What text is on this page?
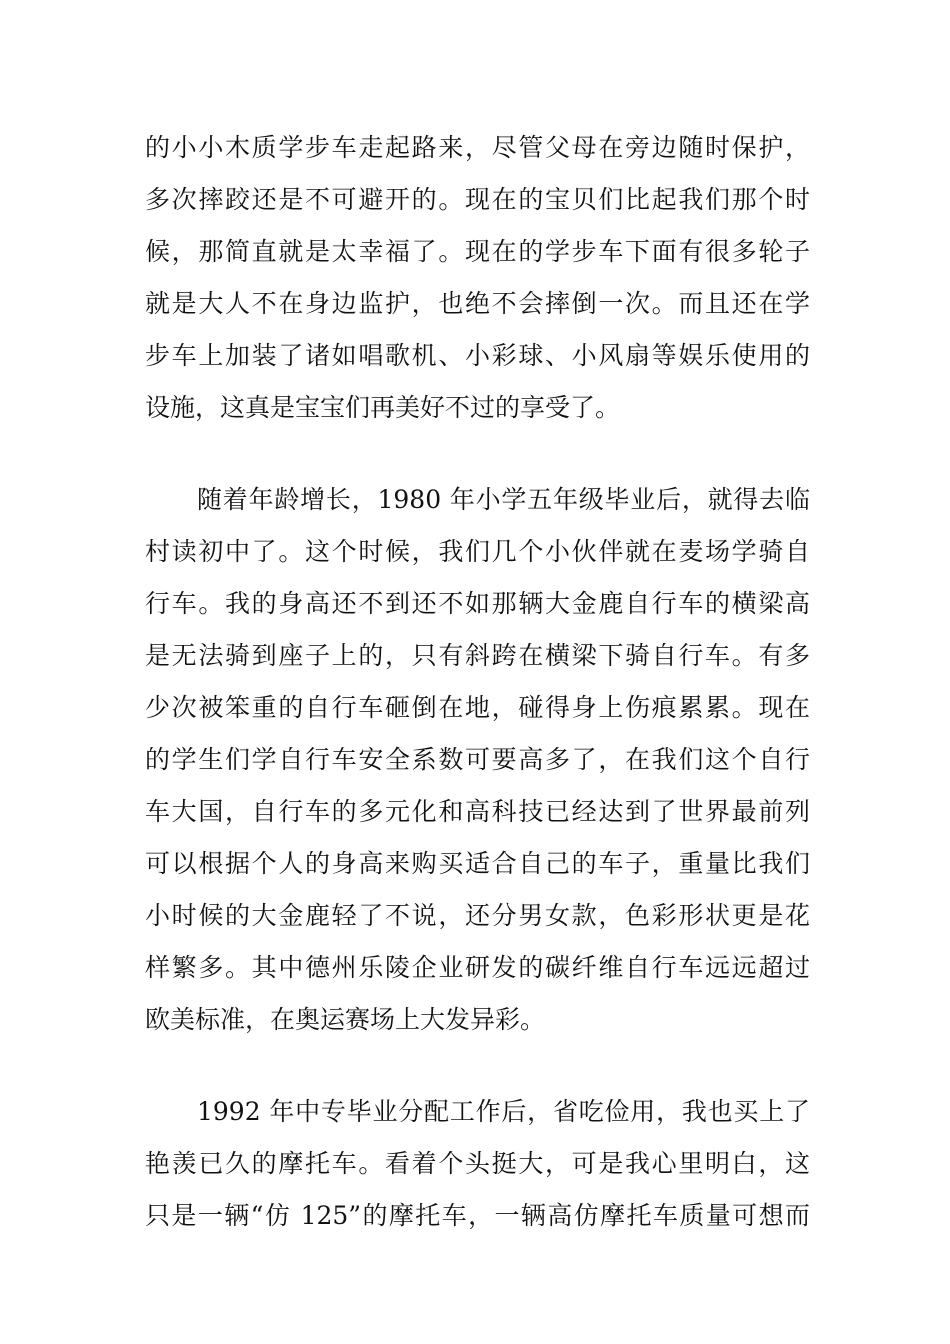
的小小木质学步车走起路来，尽管父母在旁边随时保护，
多次摔跤还是不可避开的。现在的宝贝们比起我们那个时
候，那简直就是太幸福了。现在的学步车下面有很多轮子
就是大人不在身边监护，也绝不会摔倒一次。而且还在学
步车上加装了诸如唱歌机、小彩球、小风扇等娱乐使用的
设施，这真是宝宝们再美好不过的享受了。
随着年龄增长，1980 年小学五年级毕业后，就得去临
村读初中了。这个时候，我们几个小伙伴就在麦场学骑自
行车。我的身高还不到还不如那辆大金鹿自行车的横梁高
是无法骑到座子上的，只有斜跨在横梁下骑自行车。有多
少次被笨重的自行车砸倒在地，碰得身上伤痕累累。现在
的学生们学自行车安全系数可要高多了，在我们这个自行
车大国，自行车的多元化和高科技已经达到了世界最前列
可以根据个人的身高来购买适合自己的车子，重量比我们
小时候的大金鹿轻了不说，还分男女款，色彩形状更是花
样繁多。其中德州乐陵企业研发的碳纤维自行车远远超过
欧美标准，在奥运赛场上大发异彩。
1992 年中专毕业分配工作后，省吃俭用，我也买上了
艳羡已久的摩托车。看着个头挺大，可是我心里明白，这
只是一辆“仿 125”的摩托车，一辆高仿摩托车质量可想而
